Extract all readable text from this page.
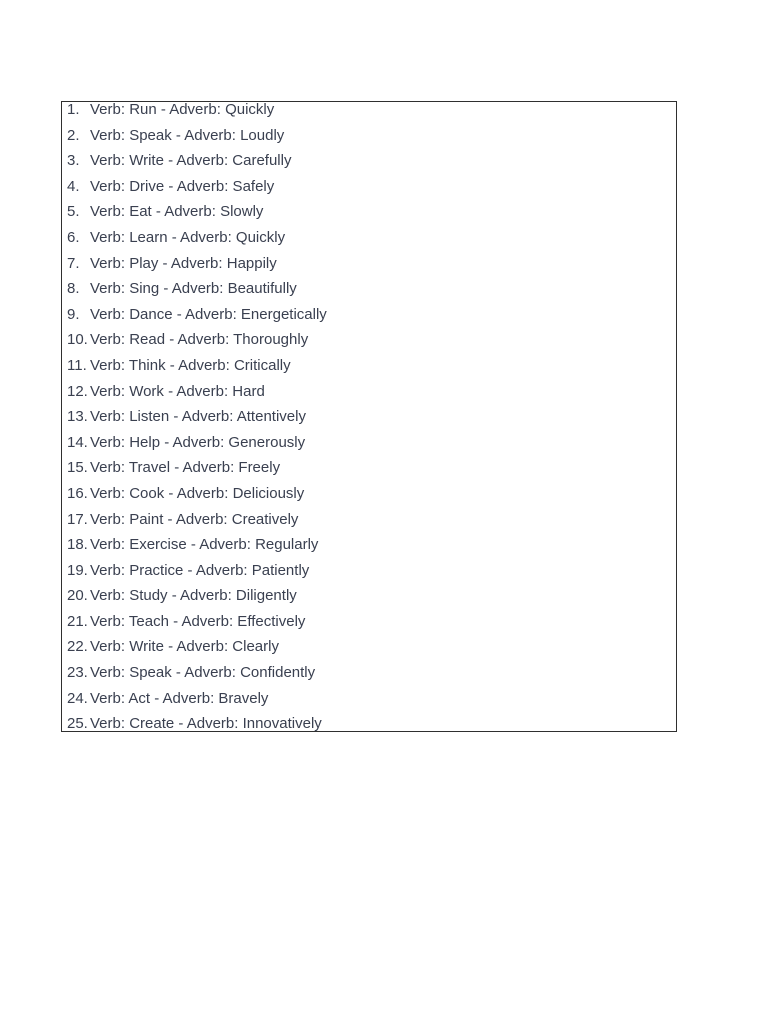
1. Verb: Run - Adverb: Quickly
2. Verb: Speak - Adverb: Loudly
3. Verb: Write - Adverb: Carefully
4. Verb: Drive - Adverb: Safely
5. Verb: Eat - Adverb: Slowly
6. Verb: Learn - Adverb: Quickly
7. Verb: Play - Adverb: Happily
8. Verb: Sing - Adverb: Beautifully
9. Verb: Dance - Adverb: Energetically
10. Verb: Read - Adverb: Thoroughly
11. Verb: Think - Adverb: Critically
12. Verb: Work - Adverb: Hard
13. Verb: Listen - Adverb: Attentively
14. Verb: Help - Adverb: Generously
15. Verb: Travel - Adverb: Freely
16. Verb: Cook - Adverb: Deliciously
17. Verb: Paint - Adverb: Creatively
18. Verb: Exercise - Adverb: Regularly
19. Verb: Practice - Adverb: Patiently
20. Verb: Study - Adverb: Diligently
21. Verb: Teach - Adverb: Effectively
22. Verb: Write - Adverb: Clearly
23. Verb: Speak - Adverb: Confidently
24. Verb: Act - Adverb: Bravely
25. Verb: Create - Adverb: Innovatively
